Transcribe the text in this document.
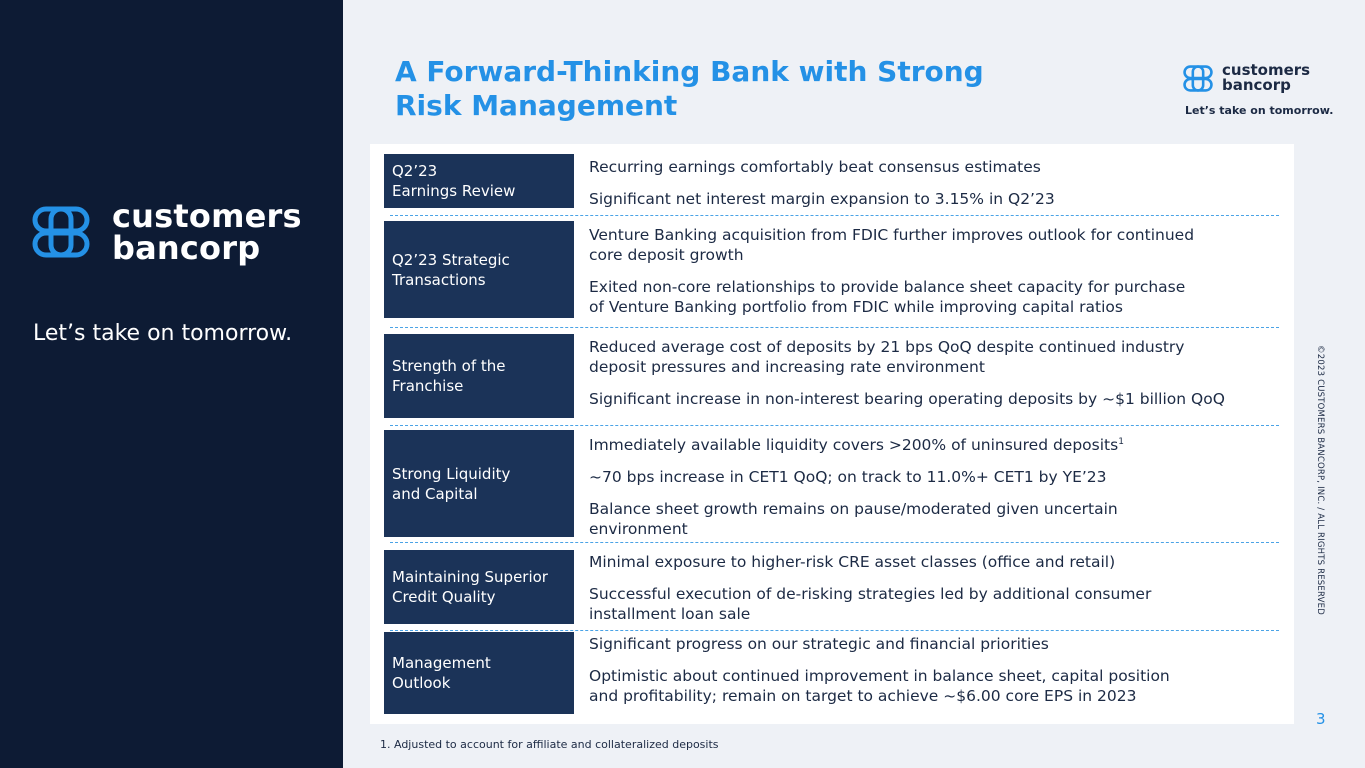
customers
bancorp
Let’s take on tomorrow.
A Forward-Thinking Bank with Strong
Risk Management
customers
bancorp
Let’s take on tomorrow.
Q2’23
Earnings Review
Recurring earnings comfortably beat consensus estimates
Significant net interest margin expansion to 3.15% in Q2’23
Q2’23 Strategic
Transactions
Venture Banking acquisition from FDIC further improves outlook for continued
core deposit growth
Exited non-core relationships to provide balance sheet capacity for purchase
of Venture Banking portfolio from FDIC while improving capital ratios
Strength of the
Franchise
Reduced average cost of deposits by 21 bps QoQ despite continued industry
deposit pressures and increasing rate environment
Significant increase in non-interest bearing operating deposits by ~$1 billion QoQ
Strong Liquidity
and Capital
Immediately available liquidity covers >200% of uninsured deposits$^1$
~70 bps increase in CET1 QoQ; on track to 11.0%+ CET1 by YE’23
Balance sheet growth remains on pause/moderated given uncertain
environment
Maintaining Superior
Credit Quality
Minimal exposure to higher-risk CRE asset classes (office and retail)
Successful execution of de-risking strategies led by additional consumer
installment loan sale
Management
Outlook
Significant progress on our strategic and financial priorities
Optimistic about continued improvement in balance sheet, capital position
and profitability; remain on target to achieve ~$6.00 core EPS in 2023
©2023 CUSTOMERS BANCORP, INC. / ALL RIGHTS RESERVED
3
1. Adjusted to account for affiliate and collateralized deposits
